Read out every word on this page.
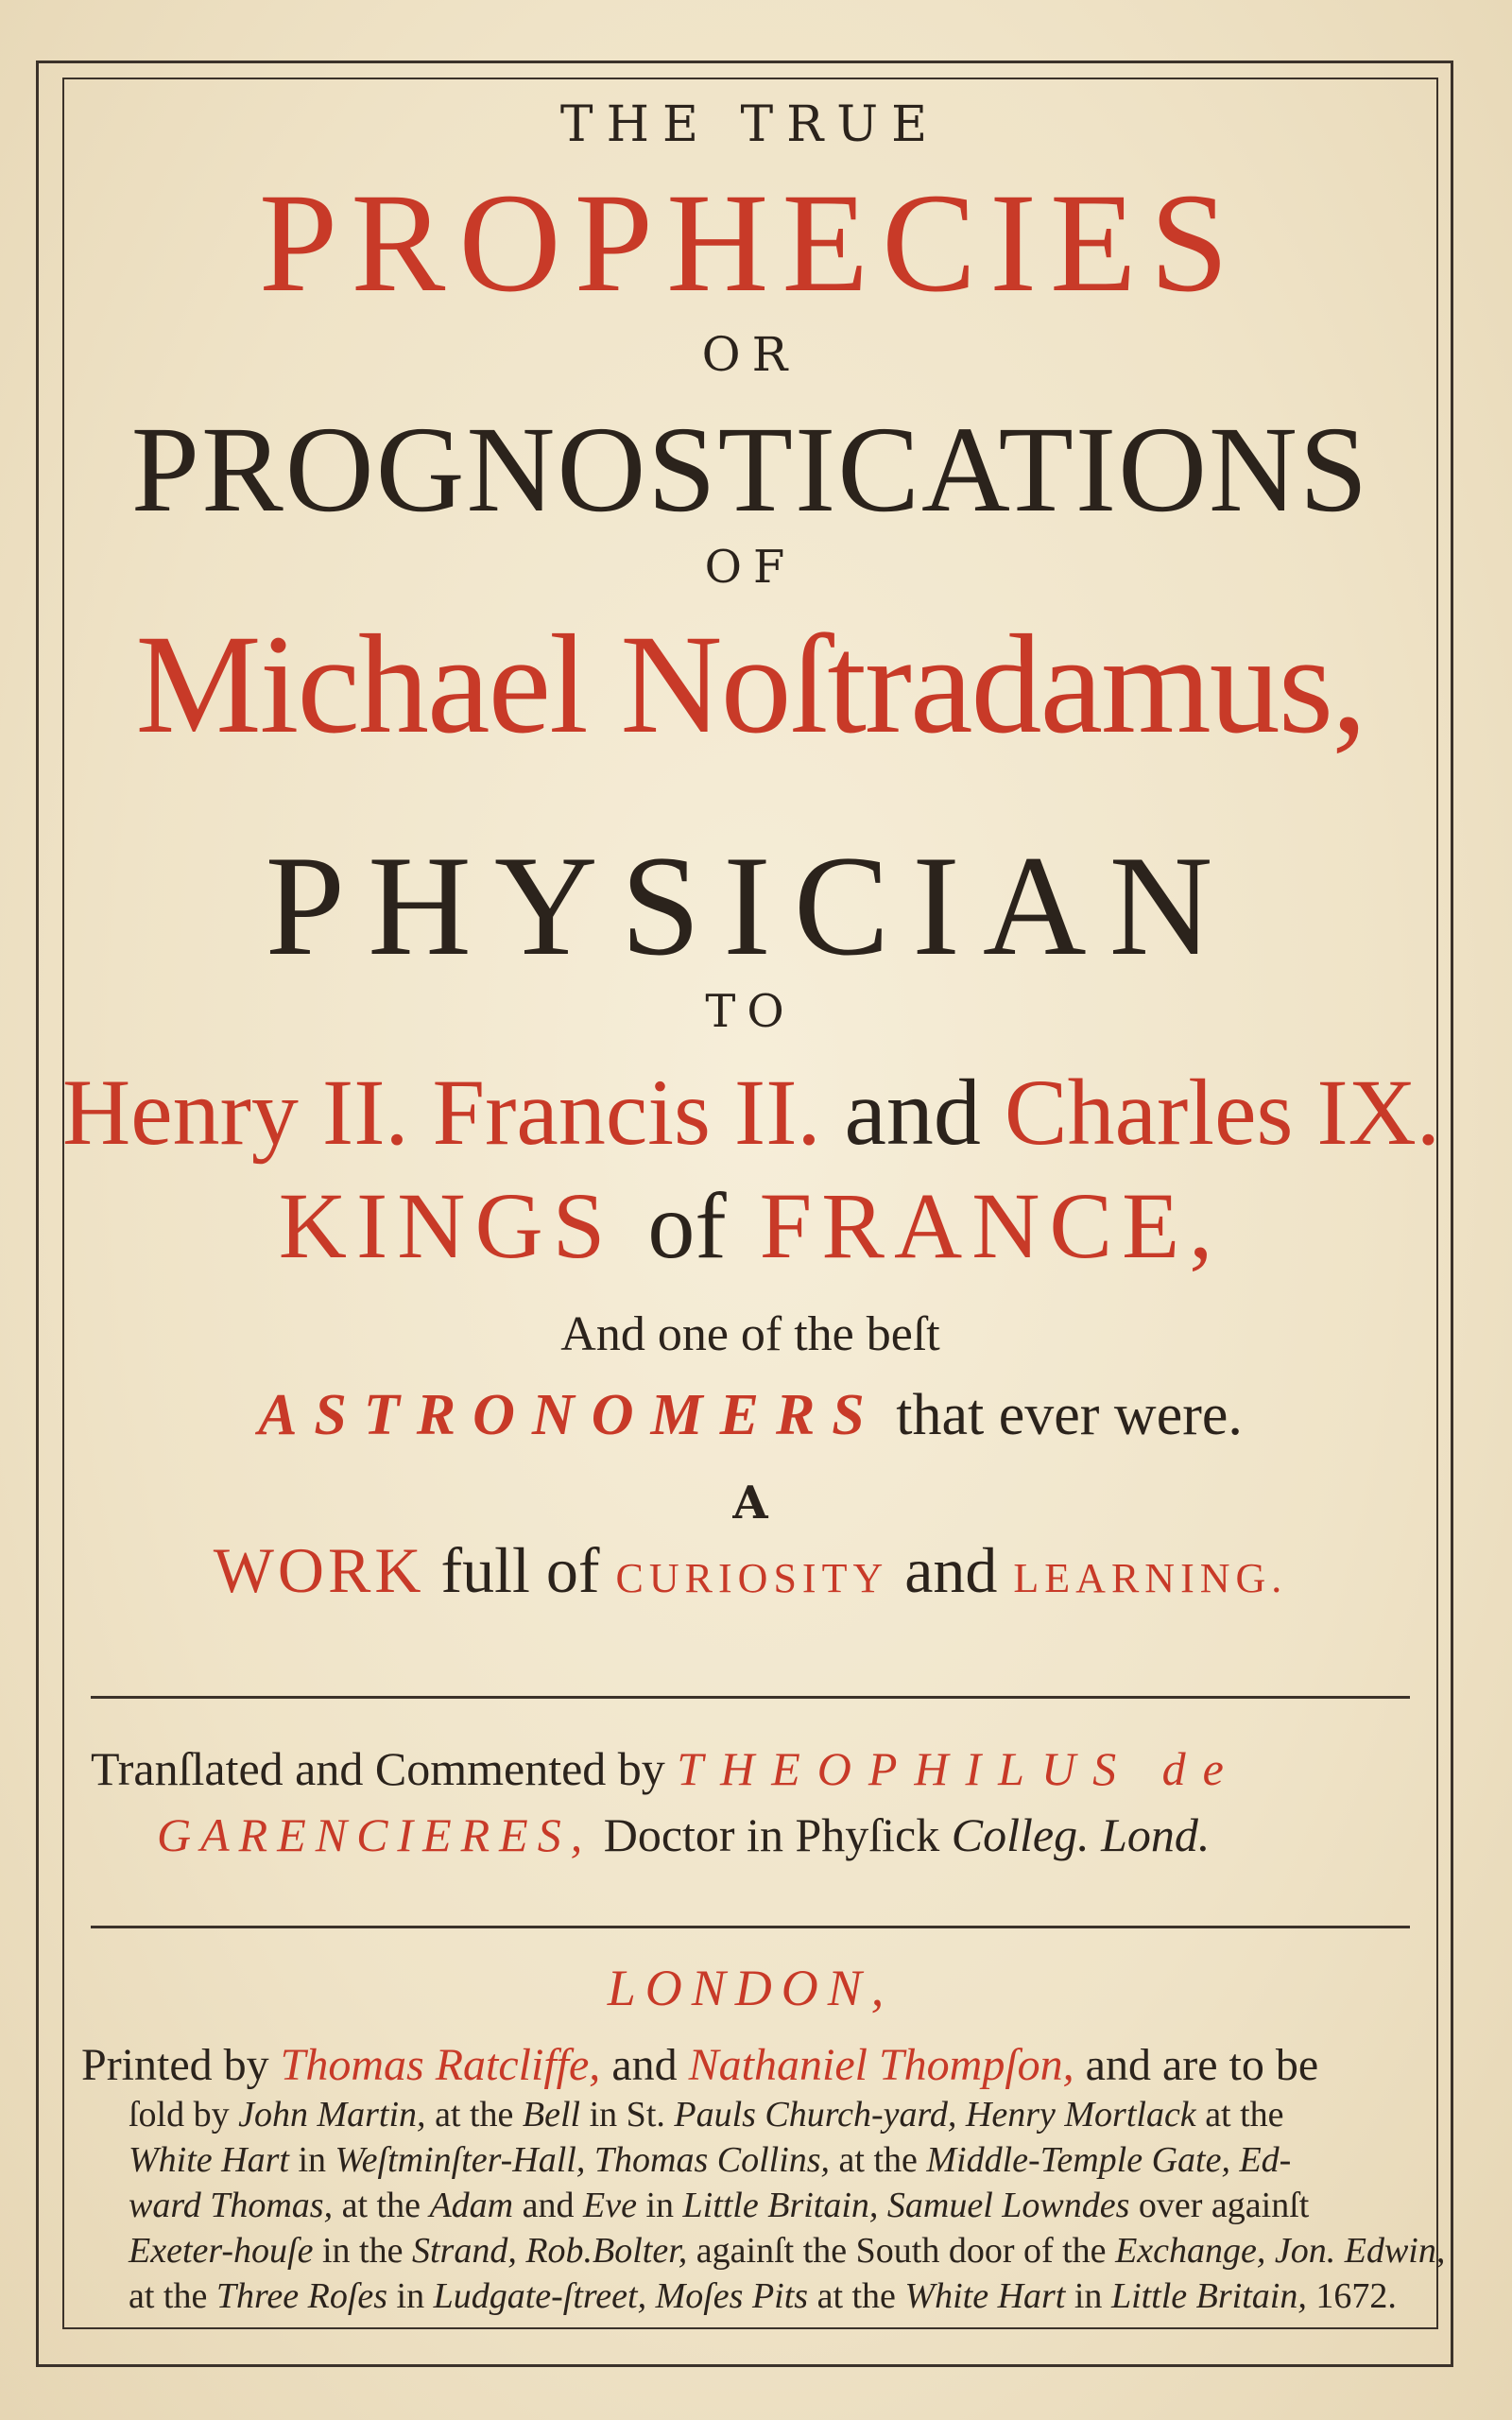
THE TRUE
PROPHECIES
OR
PROGNOSTICATIONS
OF
Michael Noſtradamus,
PHYSICIAN
TO
Henry II. Francis II. and Charles IX.
KINGS of FRANCE,
And one of the beſt
ASTRONOMERS that ever were.
A
WORK full of CURIOSITY and LEARNING.
Tranſlated and Commented by THEOPHILUS de
GARENCIERES, Doctor in Phyſick Colleg. Lond.
LONDON,
Printed by Thomas Ratcliffe, and Nathaniel Thompſon, and are to be
ſold by John Martin, at the Bell in St. Pauls Church-yard, Henry Mortlack at the
White Hart in Weſtminſter-Hall, Thomas Collins, at the Middle-Temple Gate, Ed-
ward Thomas, at the Adam and Eve in Little Britain, Samuel Lowndes over againſt
Exeter-houſe in the Strand, Rob.Bolter, againſt the South door of the Exchange, Jon. Edwin,
at the Three Roſes in Ludgate-ſtreet, Moſes Pits at the White Hart in Little Britain, 1672.
